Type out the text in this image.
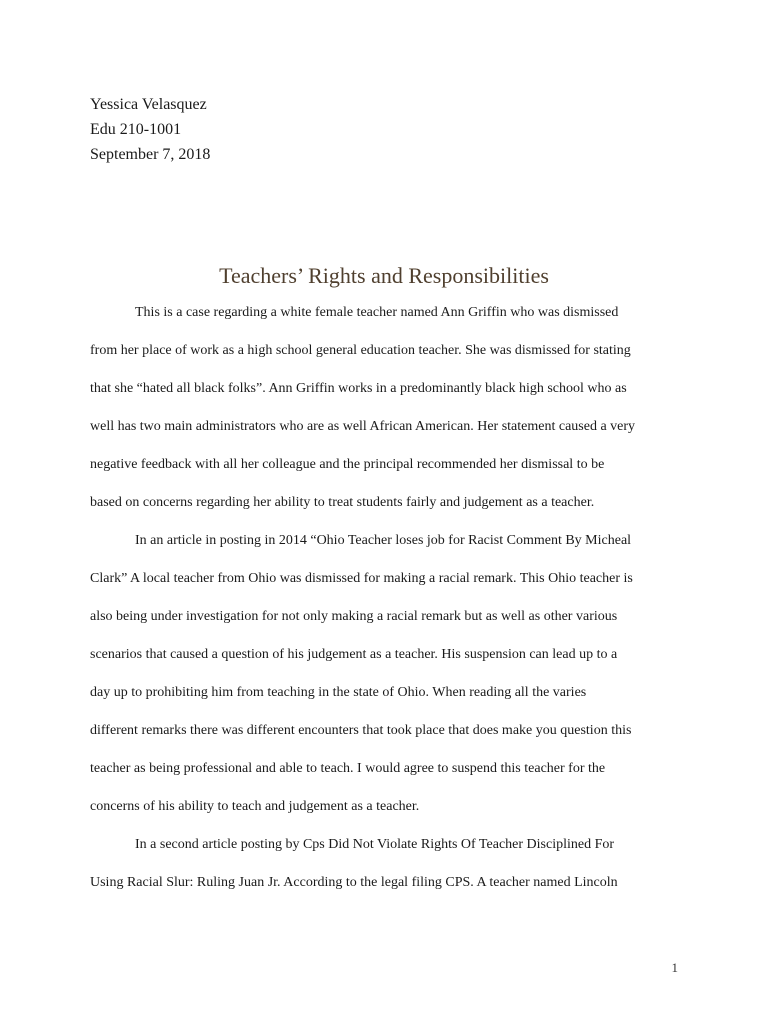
Yessica Velasquez
Edu 210-1001
September 7, 2018
Teachers’ Rights and Responsibilities
This is a case regarding a white female teacher named Ann Griffin who was dismissed
from her place of work as a high school general education teacher. She was dismissed for stating
that she “hated all black folks”. Ann Griffin works in a predominantly black high school who as
well has two main administrators who are as well African American. Her statement caused a very
negative feedback with all her colleague and the principal recommended her dismissal to be
based on concerns regarding her ability to treat students fairly and judgement as a teacher.
In an article in posting in 2014 “Ohio Teacher loses job for Racist Comment By Micheal
Clark” A local teacher from Ohio was dismissed for making a racial remark. This Ohio teacher is
also being under investigation for not only making a racial remark but as well as other various
scenarios that caused a question of his judgement as a teacher. His suspension can lead up to a
day up to prohibiting him from teaching in the state of Ohio. When reading all the varies
different remarks there was different encounters that took place that does make you question this
teacher as being professional and able to teach. I would agree to suspend this teacher for the
concerns of his ability to teach and judgement as a teacher.
In a second article posting by Cps Did Not Violate Rights Of Teacher Disciplined For
Using Racial Slur: Ruling Juan Jr. According to the legal filing CPS. A teacher named Lincoln
1
